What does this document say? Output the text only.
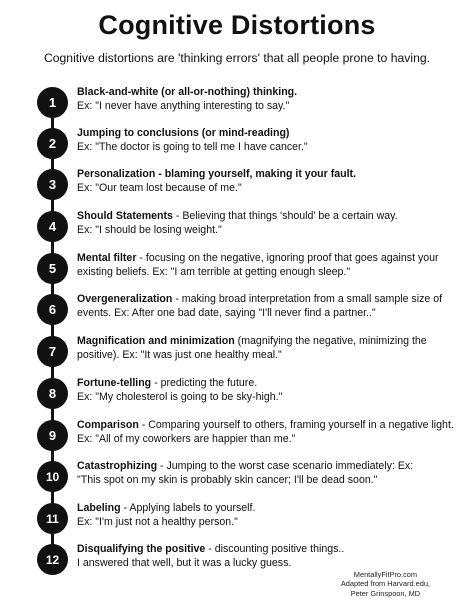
Cognitive Distortions
Cognitive distortions are 'thinking errors' that all people prone to having.
1
Black-and-white (or all-or-nothing) thinking.
Ex: "I never have anything interesting to say."
2
Jumping to conclusions (or mind-reading)
Ex: "The doctor is going to tell me I have cancer."
3
Personalization - blaming yourself, making it your fault.
Ex: "Our team lost because of me."
4
Should Statements - Believing that things 'should' be a certain way.
Ex: "I should be losing weight."
5
Mental filter - focusing on the negative, ignoring proof that goes against your existing beliefs. Ex: "I am terrible at getting enough sleep."
6
Overgeneralization - making broad interpretation from a small sample size of events. Ex: After one bad date, saying "I'll never find a partner.."
7
Magnification and minimization (magnifying the negative, minimizing the positive). Ex: "It was just one healthy meal."
8
Fortune-telling - predicting the future.
Ex: "My cholesterol is going to be sky-high."
9
Comparison - Comparing yourself to others, framing yourself in a negative light. Ex: "All of my coworkers are happier than me."
10
Catastrophizing - Jumping to the worst case scenario immediately: Ex:
"This spot on my skin is probably skin cancer; I'll be dead soon."
11
Labeling - Applying labels to yourself.
Ex: "I'm just not a healthy person."
12
Disqualifying the positive - discounting positive things..
I answered that well, but it was a lucky guess.
MentallyFitPro.com
Adapted from Harvard.edu,
Peter Grinspoon, MD
